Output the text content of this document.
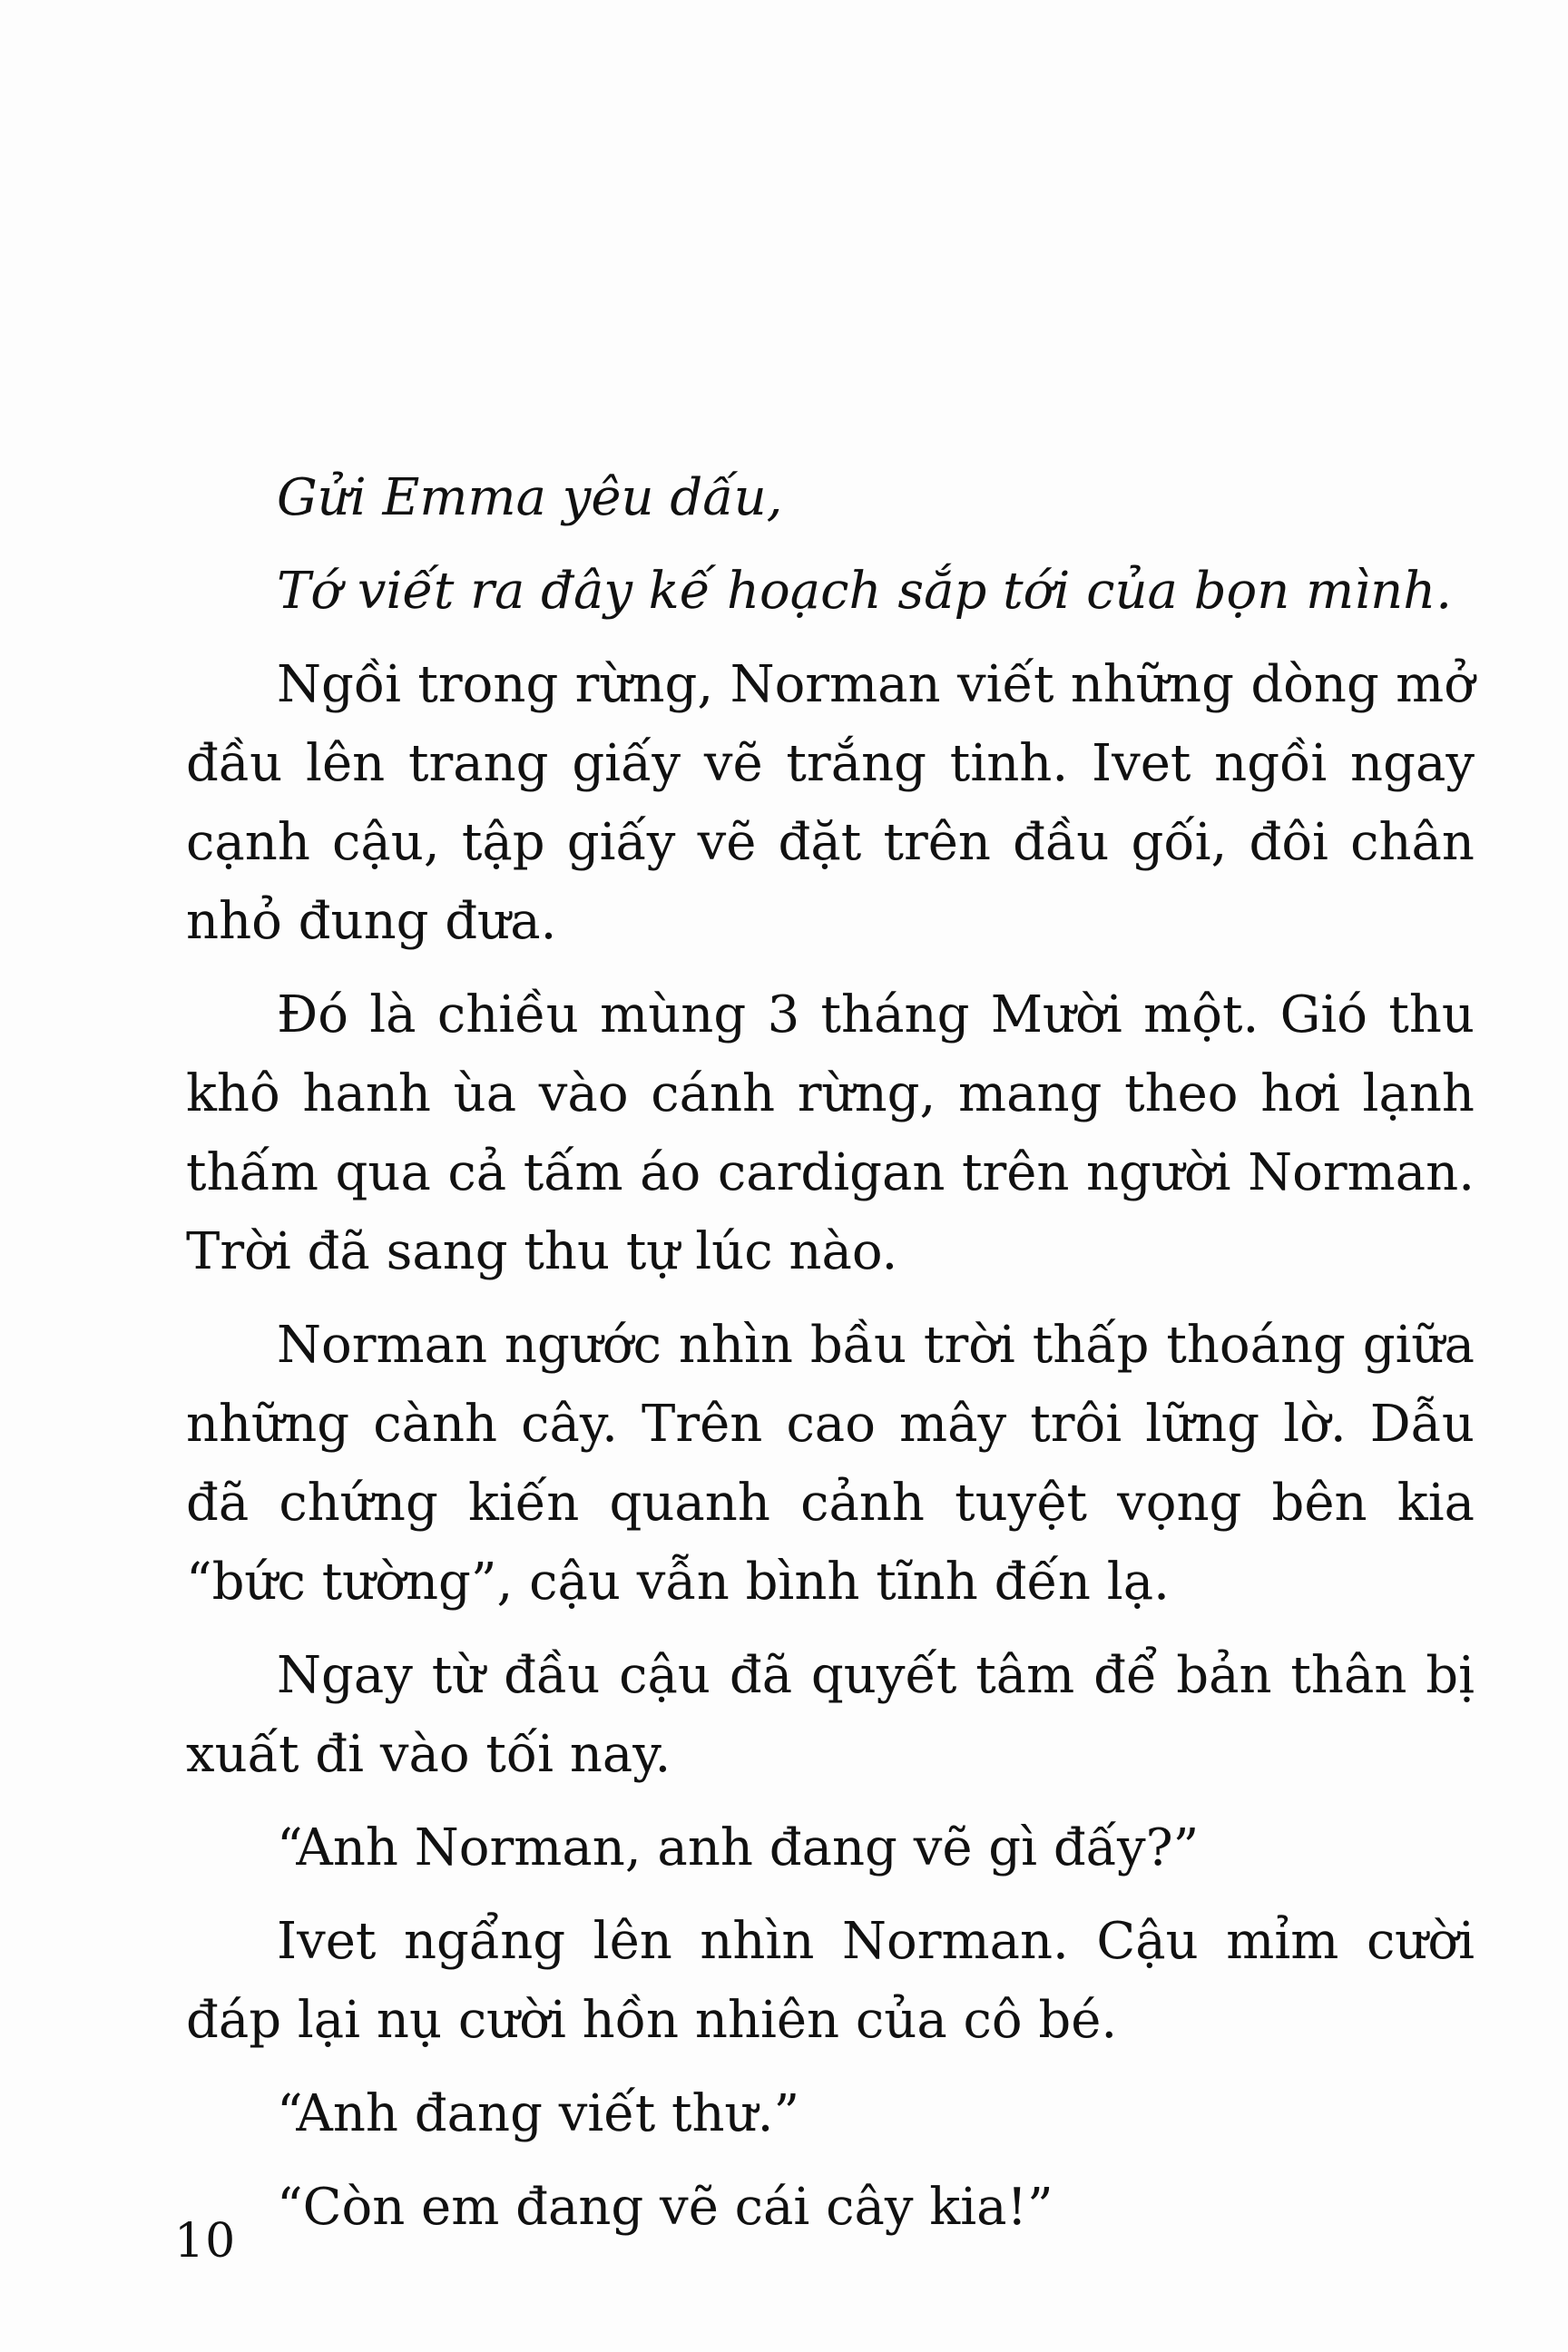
Gửi Emma yêu dấu,

Tớ viết ra đây kế hoạch sắp tới của bọn mình.

Ngồi trong rừng, Norman viết những dòng mở đầu lên trang giấy vẽ trắng tinh. Ivet ngồi ngay cạnh cậu, tập giấy vẽ đặt trên đầu gối, đôi chân nhỏ đung đưa.

Đó là chiều mùng 3 tháng Mười một. Gió thu khô hanh ùa vào cánh rừng, mang theo hơi lạnh thấm qua cả tấm áo cardigan trên người Norman. Trời đã sang thu tự lúc nào.

Norman ngước nhìn bầu trời thấp thoáng giữa những cành cây. Trên cao mây trôi lững lờ. Dẫu đã chứng kiến quanh cảnh tuyệt vọng bên kia “bức tường”, cậu vẫn bình tĩnh đến lạ.

Ngay từ đầu cậu đã quyết tâm để bản thân bị xuất đi vào tối nay.

“Anh Norman, anh đang vẽ gì đấy?”

Ivet ngẩng lên nhìn Norman. Cậu mỉm cười đáp lại nụ cười hồn nhiên của cô bé.

“Anh đang viết thư.”

“Còn em đang vẽ cái cây kia!”

10
